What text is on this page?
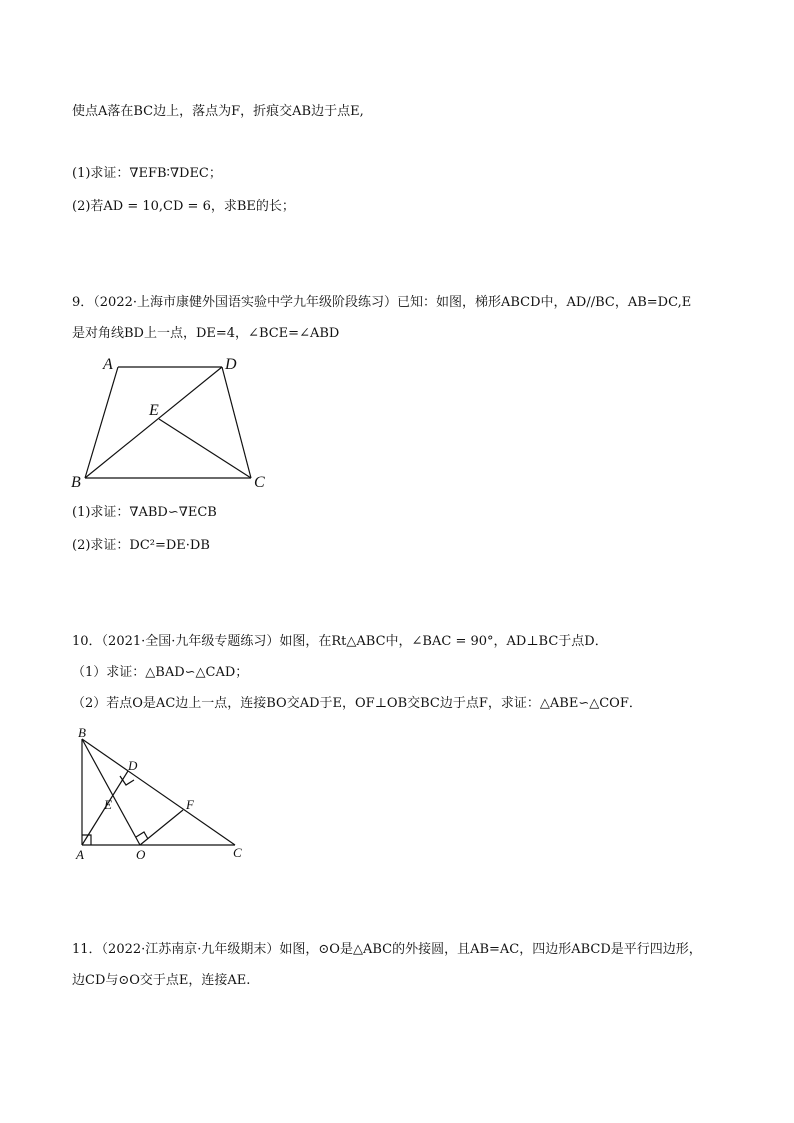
使点A落在BC边上，落点为F，折痕交AB边于点E,
(1)求证：∇EFB∶∇DEC；
(2)若AD = 10,CD = 6，求BE的长；
9．（2022·上海市康健外国语实验中学九年级阶段练习）已知：如图，梯形ABCD中，AD//BC，AB=DC,E
是对角线BD上一点，DE=4，∠BCE=∠ABD
A	D
E
B	C
(1)求证：∇ABD∽∇ECB
(2)求证：DC²=DE·DB
10．（2021·全国·九年级专题练习）如图，在Rt△ABC中，∠BAC = 90°，AD⊥BC于点D．
（1）求证：△BAD∽△CAD；
（2）若点O是AC边上一点，连接BO交AD于E，OF⊥OB交BC边于点F，求证：△ABE∽△COF．
B
D
E	F
A	O	C
11．（2022·江苏南京·九年级期末）如图，⊙O是△ABC的外接圆，且AB=AC，四边形ABCD是平行四边形，
边CD与⊙O交于点E，连接AE.
